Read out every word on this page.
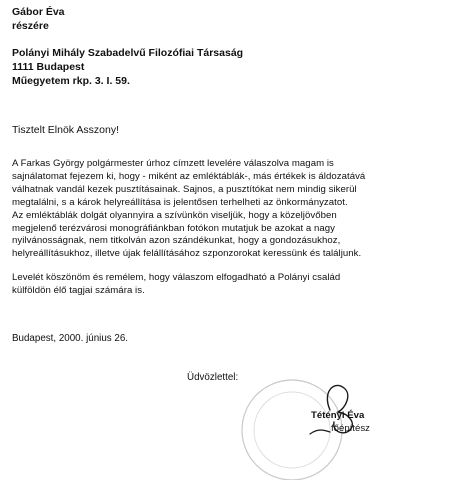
Gábor Éva
részére
Polányi Mihály Szabadelvű Filozófiai Társaság
1111 Budapest
Műegyetem rkp. 3. I. 59.
Tisztelt Elnök Asszony!
A Farkas György polgármester úrhoz címzett levelére válaszolva magam is
sajnálatomat fejezem ki, hogy - miként az emléktáblák-, más értékek is áldozatává
válhatnak vandál kezek pusztításainak. Sajnos, a pusztítókat nem mindig sikerül
megtalálni, s a károk helyreállítása is jelentősen terhelheti az önkormányzatot.
Az emléktáblák dolgát olyannyira a szívünkön viseljük, hogy a közeljövőben
megjelenő terézvárosi monográfiánkban fotókon mutatjuk be azokat a nagy
nyilvánosságnak, nem titkolván azon szándékunkat, hogy a gondozásukhoz,
helyreállításukhoz, illetve újak felállításához szponzorokat keressünk és találjunk.
Levelét köszönöm és remélem, hogy válaszom elfogadható a Polányi család
külföldön élő tagjai számára is.
Budapest, 2000. június 26.
Üdvözlettel:
Tétényi Éva
főépítész
